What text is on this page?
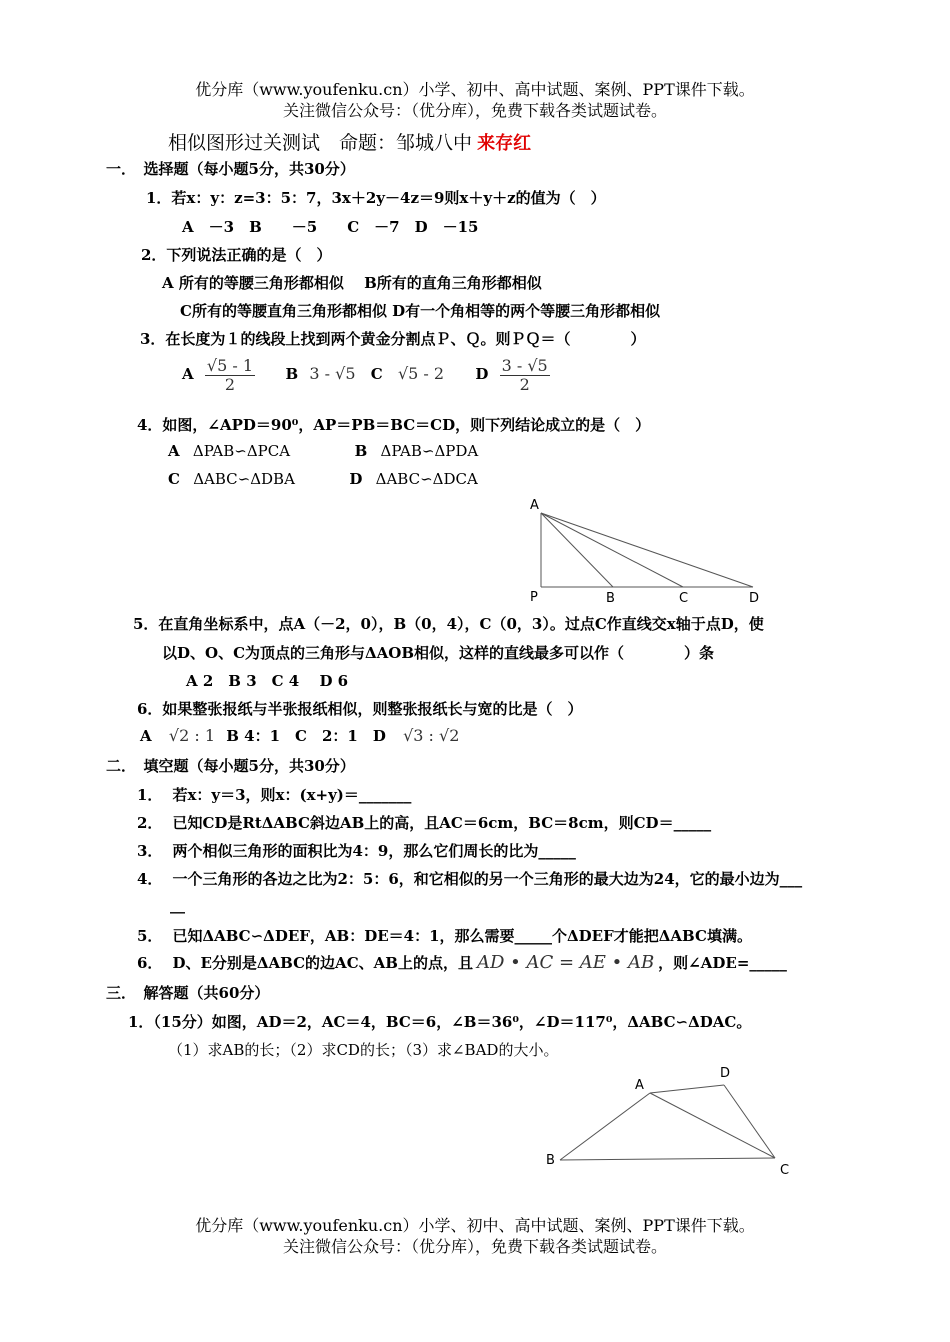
优分库（www.youfenku.cn）小学、初中、高中试题、案例、PPT课件下载。
关注微信公众号：（优分库），免费下载各类试题试卷。
相似图形过关测试　命题：邹城八中 来存红
一．　选择题（每小题5分，共30分）
1．若x：y：z=3：5：7，3x＋2y－4z＝9则x＋y＋z的值为（　）
A　－3　B　　－5　　C　－7　D　－15
2．下列说法正确的是（　）
A 所有的等腰三角形都相似　 B所有的直角三角形都相似
C所有的等腰直角三角形都相似 D有一个角相等的两个等腰三角形都相似
3．在长度为１的线段上找到两个黄金分割点Ｐ、Ｑ。则ＰＱ＝（　　　　）
A $\frac{√5 - 1}{2}$ B 3 - √5 C √5 - 2 D $\frac{3 - √5}{2}$
4．如图，∠APD＝90⁰，AP＝PB＝BC＝CD，则下列结论成立的是（　）
A ΔPAB∽ΔPCA	B ΔPAB∽ΔPDA
C ΔABC∽ΔDBA	D ΔABC∽ΔDCA
A
P	B	C	D
5．在直角坐标系中，点A（－2，0），B（0，4），C（0，3）。过点C作直线交x轴于点D，使
以D、O、C为顶点的三角形与ΔAOB相似，这样的直线最多可以作（　　　　）条
A 2　B 3　C 4　 D 6
6．如果整张报纸与半张报纸相似，则整张报纸长与宽的比是（　）
A √2 : 1 B 4：1　C　2：1　D √3 : √2
二．　填空题（每小题5分，共30分）
1． 若x：y＝3，则x：(x+y)＝_______
2． 已知CD是RtΔABC斜边AB上的高，且AC＝6cm，BC＝8cm，则CD＝_____
3． 两个相似三角形的面积比为4：9，那么它们周长的比为_____
4． 一个三角形的各边之比为2：5：6，和它相似的另一个三角形的最大边为24，它的最小边为___
__
5． 已知ΔABC∽ΔDEF，AB：DE＝4：1，那么需要_____个ΔDEF才能把ΔABC填满。
6． D、E分别是ΔABC的边AC、AB上的点，且 AD • AC = AE • AB ，则∠ADE=_____
三．　解答题（共60分）
1．（15分）如图，AD＝2，AC＝4，BC＝6，∠B＝36⁰，∠D＝117⁰，ΔABC∽ΔDAC。
（1）求AB的长；（2）求CD的长；（3）求∠BAD的大小。
A
B
C
D
优分库（www.youfenku.cn）小学、初中、高中试题、案例、PPT课件下载。
关注微信公众号：（优分库），免费下载各类试题试卷。
